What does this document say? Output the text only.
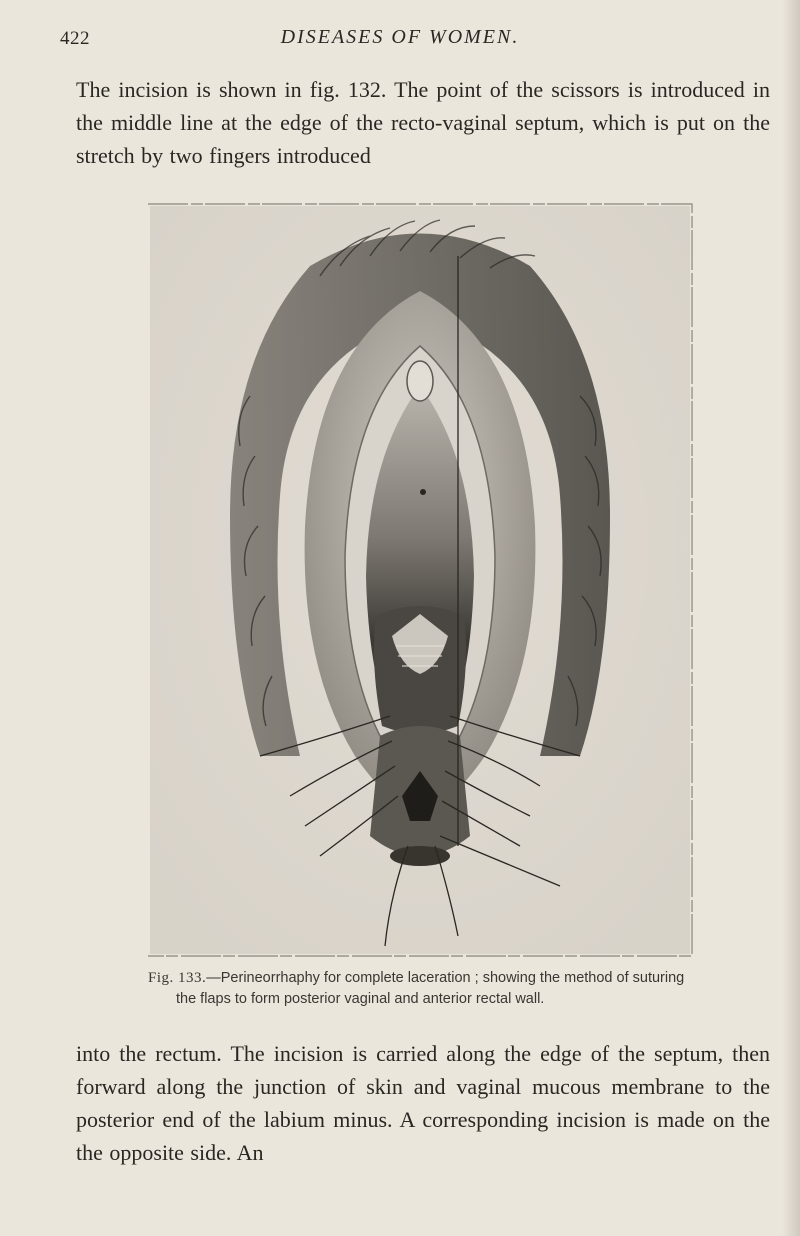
422	DISEASES OF WOMEN.

The incision is shown in fig. 132. The point of the scissors is introduced in the middle line at the edge of the recto-vaginal septum, which is put on the stretch by two fingers introduced

Fig. 133.—Perineorrhaphy for complete laceration ; showing the method of suturing
the flaps to form posterior vaginal and anterior rectal wall.

into the rectum. The incision is carried along the edge of the septum, then forward along the junction of skin and vaginal mucous membrane to the posterior end of the labium minus. A corresponding incision is made on the the opposite side. An
